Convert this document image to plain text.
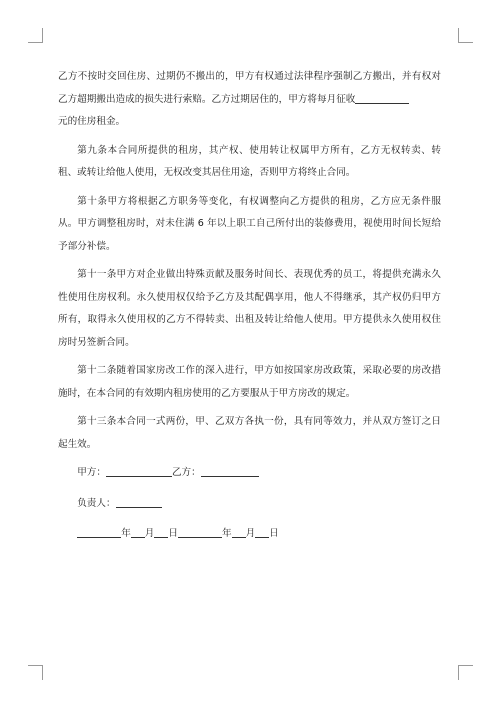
乙方不按时交回住房、过期仍不搬出的，甲方有权通过法律程序强制乙方搬出，并有权对乙方超期搬出造成的损失进行索赔。乙方过期居住的，甲方将每月征收
元的住房租金。

第九条本合同所提供的租房，其产权、使用转让权属甲方所有，乙方无权转卖、转租、或转让给他人使用，无权改变其居住用途，否则甲方将终止合同。

第十条甲方将根据乙方职务等变化，有权调整向乙方提供的租房，乙方应无条件服从。甲方调整租房时，对未住满 6 年以上职工自己所付出的装修费用，视使用时间长短给予部分补偿。

第十一条甲方对企业做出特殊贡献及服务时间长、表现优秀的员工，将提供充满永久性使用住房权利。永久使用权仅给予乙方及其配偶享用，他人不得继承，其产权仍归甲方所有，取得永久使用权的乙方不得转卖、出租及转让给他人使用。甲方提供永久使用权住房时另签新合同。

第十二条随着国家房改工作的深入进行，甲方如按国家房改政策，采取必要的房改措施时，在本合同的有效期内租房使用的乙方要服从于甲方房改的规定。

第十三条本合同一式两份，甲、乙双方各执一份，具有同等效力，并从双方签订之日起生效。

甲方：	乙方：

负责人：

年 月 日	年 月 日
